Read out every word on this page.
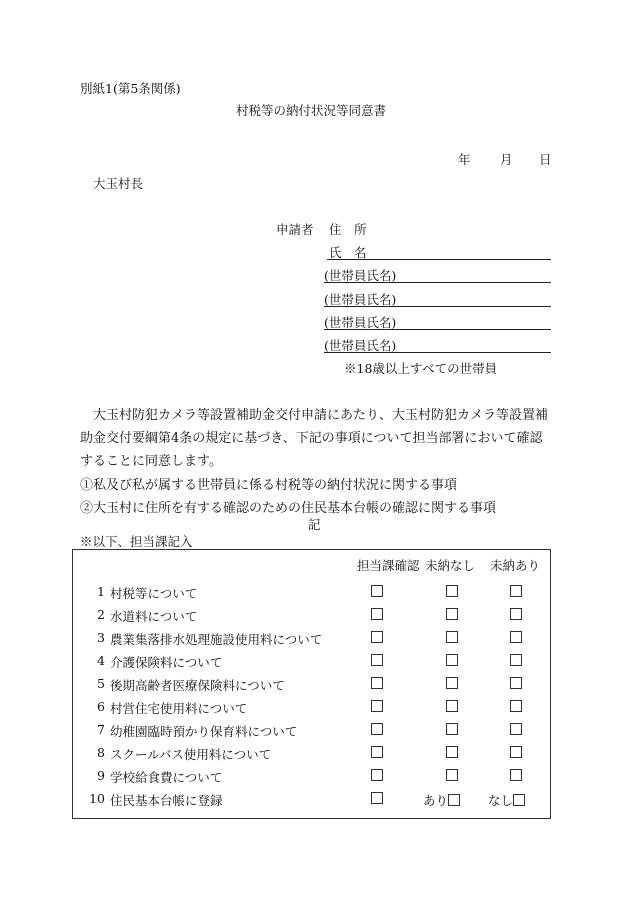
別紙1(第5条関係)
村税等の納付状況等同意書
年 月 日
大玉村長
申請者 住　所
氏　名
(世帯員氏名)
(世帯員氏名)
(世帯員氏名)
(世帯員氏名)
※18歳以上すべての世帯員

大玉村防犯カメラ等設置補助金交付申請にあたり、大玉村防犯カメラ等設置補助金交付要綱第4条の規定に基づき、下記の事項について担当部署において確認することに同意します。

①私及び私が属する世帯員に係る村税等の納付状況に関する事項
②大玉村に住所を有する確認のための住民基本台帳の確認に関する事項
記
※以下、担当課記入
担当課確認 未納なし 未納あり
1 村税等について
2 水道料について
3 農業集落排水処理施設使用料について
4 介護保険料について
5 後期高齢者医療保険料について
6 村営住宅使用料について
7 幼稚園臨時預かり保育料について
8 スクールバス使用料について
9 学校給食費について
10 住民基本台帳に登録	あり	なし
